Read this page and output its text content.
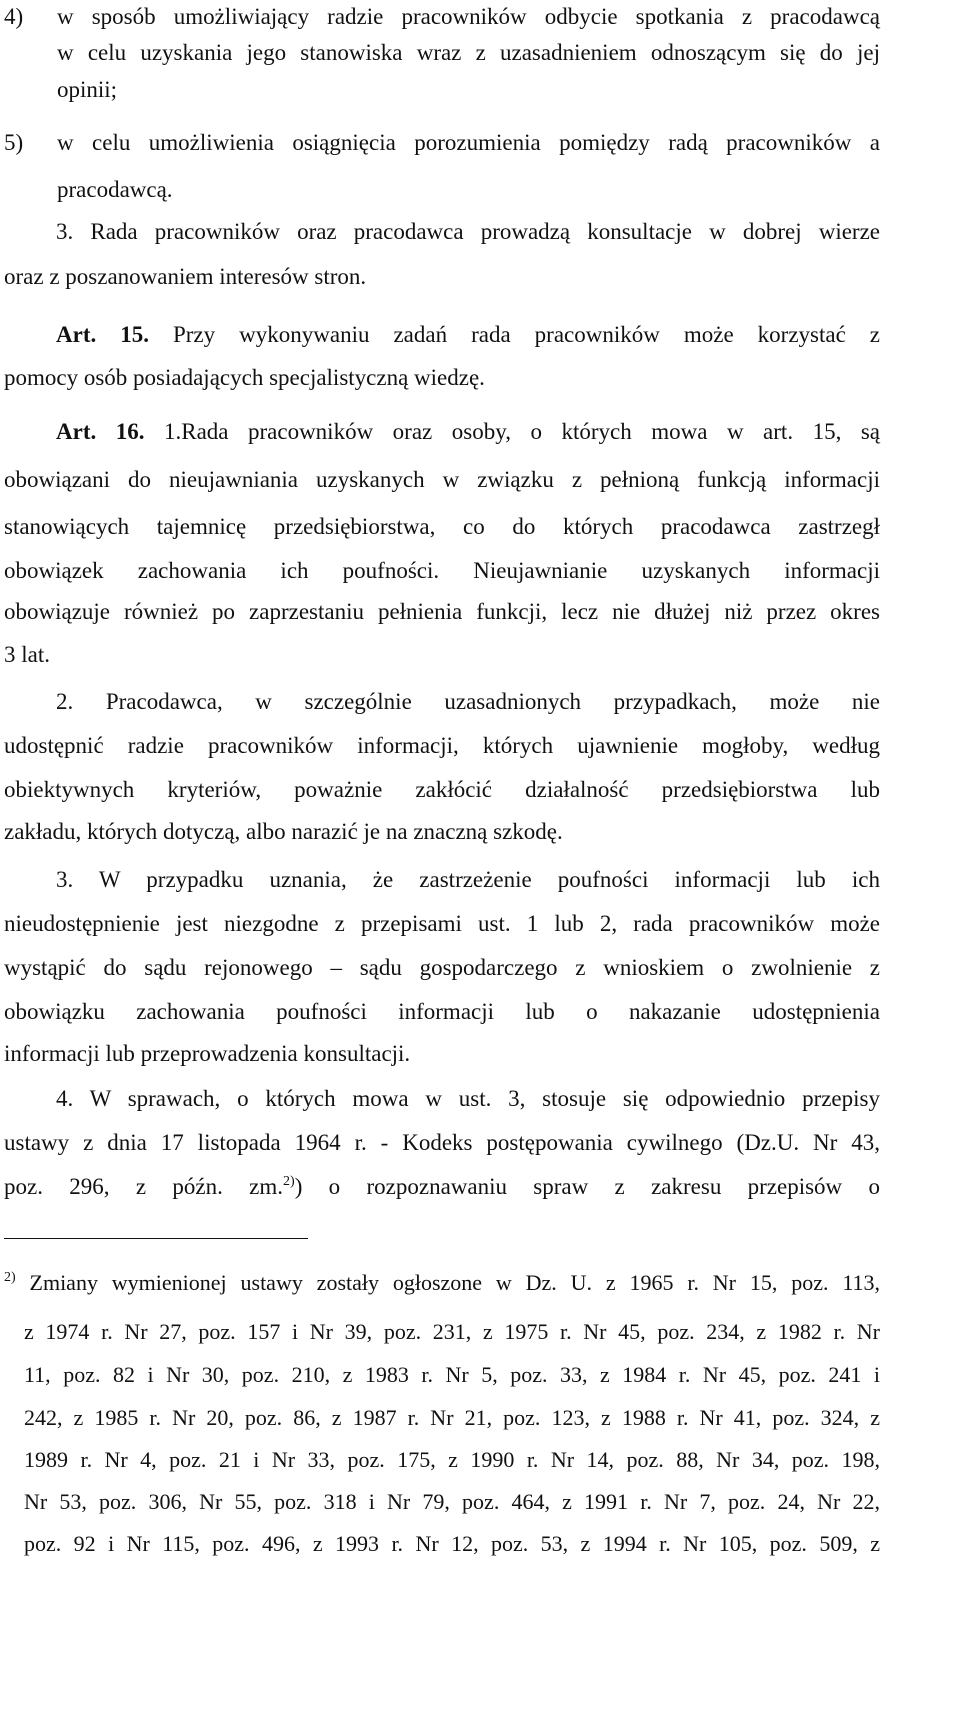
4)	w sposób umożliwiający radzie pracowników odbycie spotkania z pracodawcą
w celu uzyskania jego stanowiska wraz z uzasadnieniem odnoszącym się do jej
opinii;
5)	w celu umożliwienia osiągnięcia porozumienia pomiędzy radą pracowników a
pracodawcą.
3. Rada pracowników oraz pracodawca prowadzą konsultacje w dobrej wierze
oraz z poszanowaniem interesów stron.
Art. 15. Przy wykonywaniu zadań rada pracowników może korzystać z
pomocy osób posiadających specjalistyczną wiedzę.
Art. 16. 1.Rada pracowników oraz osoby, o których mowa w art. 15, są
obowiązani do nieujawniania uzyskanych w związku z pełnioną funkcją informacji
stanowiących tajemnicę przedsiębiorstwa, co do których pracodawca zastrzegł
obowiązek zachowania ich poufności. Nieujawnianie uzyskanych informacji
obowiązuje również po zaprzestaniu pełnienia funkcji, lecz nie dłużej niż przez okres
3 lat.
2. Pracodawca, w szczególnie uzasadnionych przypadkach, może nie
udostępnić radzie pracowników informacji, których ujawnienie mogłoby, według
obiektywnych kryteriów, poważnie zakłócić działalność przedsiębiorstwa lub
zakładu, których dotyczą, albo narazić je na znaczną szkodę.
3. W przypadku uznania, że zastrzeżenie poufności informacji lub ich
nieudostępnienie jest niezgodne z przepisami ust. 1 lub 2, rada pracowników może
wystąpić do sądu rejonowego – sądu gospodarczego z wnioskiem o zwolnienie z
obowiązku zachowania poufności informacji lub o nakazanie udostępnienia
informacji lub przeprowadzenia konsultacji.
4. W sprawach, o których mowa w ust. 3, stosuje się odpowiednio przepisy
ustawy z dnia 17 listopada 1964 r. - Kodeks postępowania cywilnego (Dz.U. Nr 43,
poz. 296, z późn. zm.$^{2)}$) o rozpoznawaniu spraw z zakresu przepisów o
$^{2)}$ Zmiany wymienionej ustawy zostały ogłoszone w Dz. U. z 1965 r. Nr 15, poz. 113,
z 1974 r. Nr 27, poz. 157 i Nr 39, poz. 231, z 1975 r. Nr 45, poz. 234, z 1982 r. Nr
11, poz. 82 i Nr 30, poz. 210, z 1983 r. Nr 5, poz. 33, z 1984 r. Nr 45, poz. 241 i
242, z 1985 r. Nr 20, poz. 86, z 1987 r. Nr 21, poz. 123, z 1988 r. Nr 41, poz. 324, z
1989 r. Nr 4, poz. 21 i Nr 33, poz. 175, z 1990 r. Nr 14, poz. 88, Nr 34, poz. 198,
Nr 53, poz. 306, Nr 55, poz. 318 i Nr 79, poz. 464, z 1991 r. Nr 7, poz. 24, Nr 22,
poz. 92 i Nr 115, poz. 496, z 1993 r. Nr 12, poz. 53, z 1994 r. Nr 105, poz. 509, z
